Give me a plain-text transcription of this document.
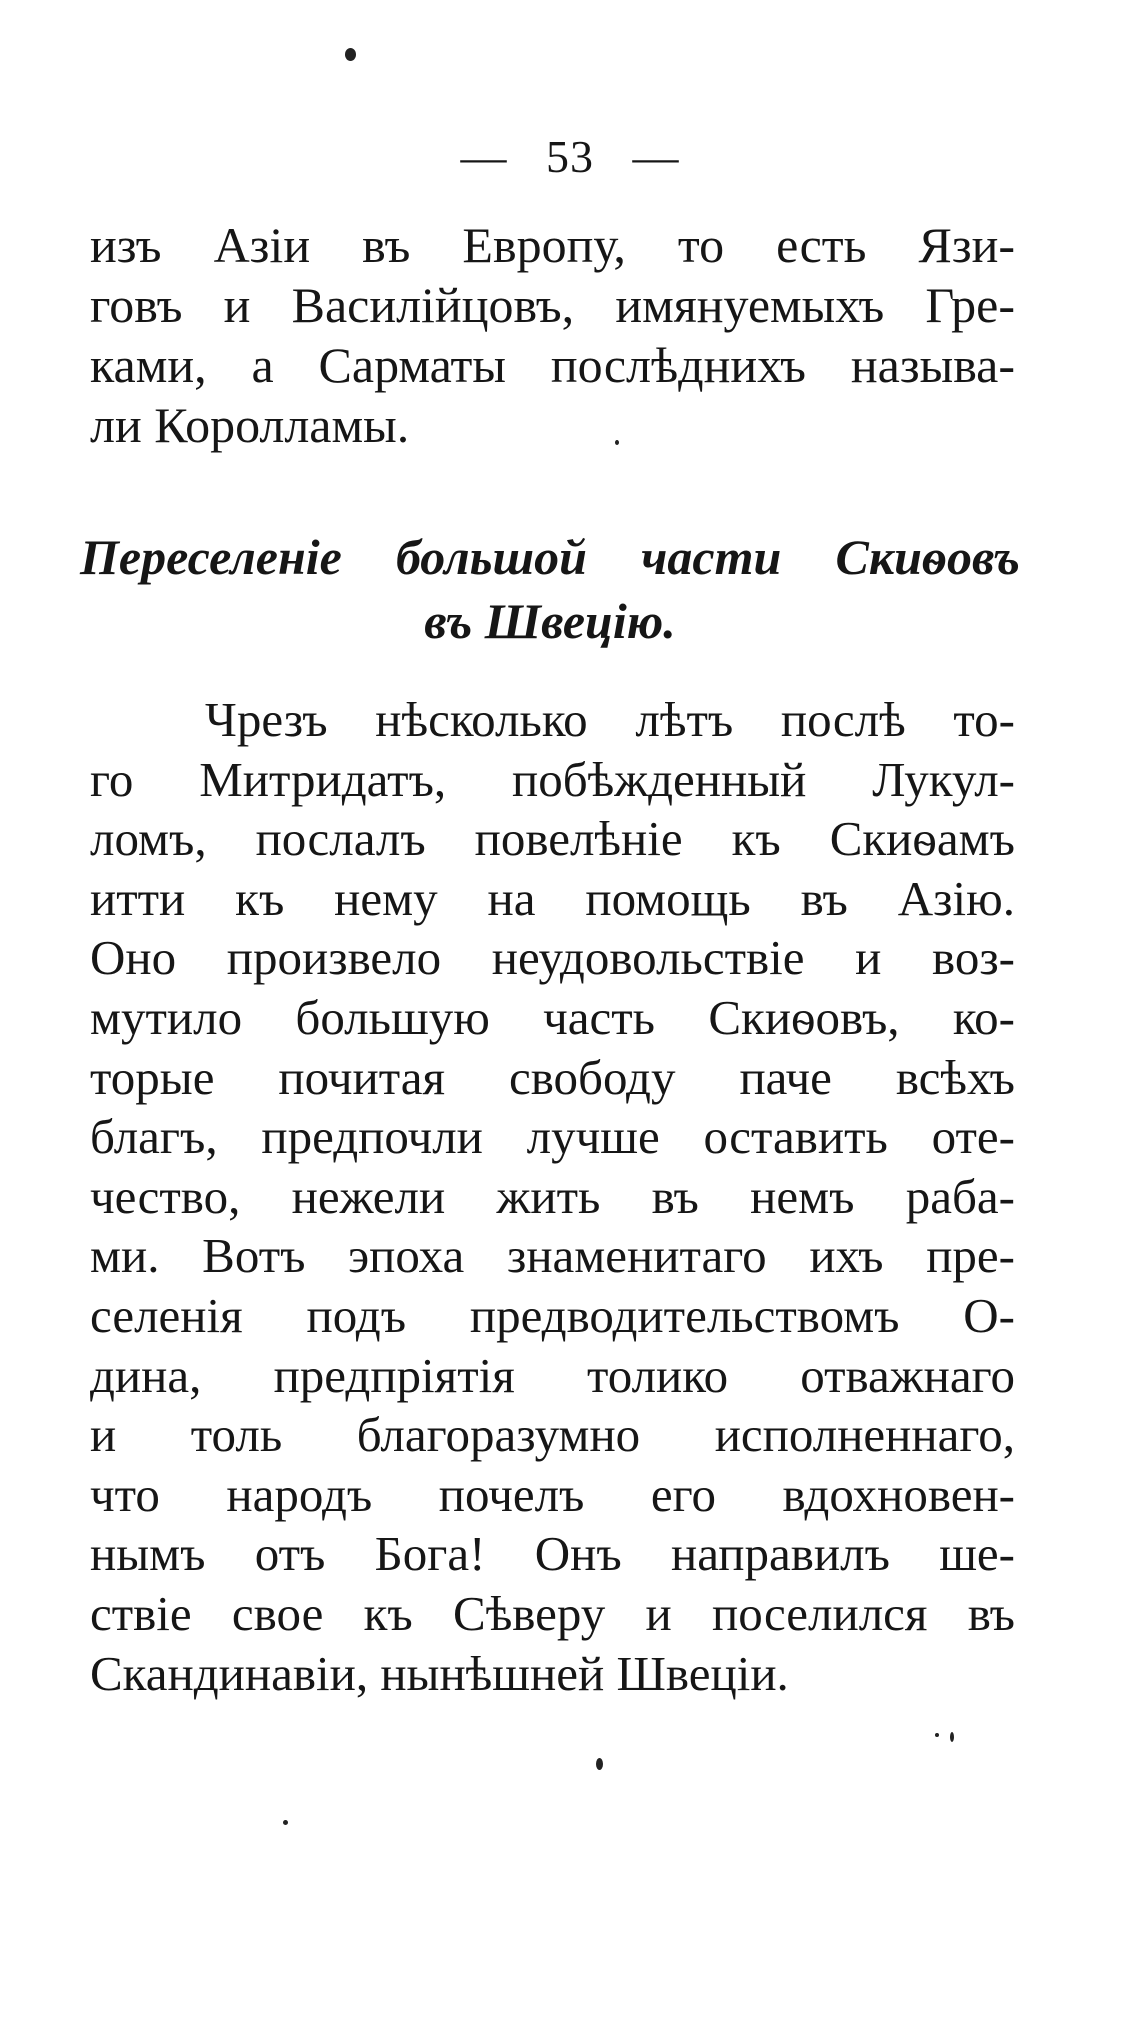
— 53 —
изъ Азіи въ Европу, то есть Язи-
говъ и Василійцовъ, имянуемыхъ Гре-
ками, а Сарматы послѣднихъ называ-
ли Королламы.
Переселеніе большой части Скиѳовъ
въ Швецію.
Чрезъ нѣсколько лѣтъ послѣ то-
го Митридатъ, побѣжденный Лукул-
ломъ, послалъ повелѣніе къ Скиѳамъ
итти къ нему на помощь въ Азію.
Оно произвело неудовольствіе и воз-
мутило большую часть Скиѳовъ, ко-
торые почитая свободу паче всѣхъ
благъ, предпочли лучше оставить оте-
чество, нежели жить въ немъ раба-
ми. Вотъ эпоха знаменитаго ихъ пре-
селенія подъ предводительствомъ О-
дина, предпріятія толико отважнаго
и толь благоразумно исполненнаго,
что народъ почелъ его вдохновен-
нымъ отъ Бога! Онъ направилъ ше-
ствіе свое къ Сѣверу и поселился въ
Скандинавіи, нынѣшней Швеціи.
